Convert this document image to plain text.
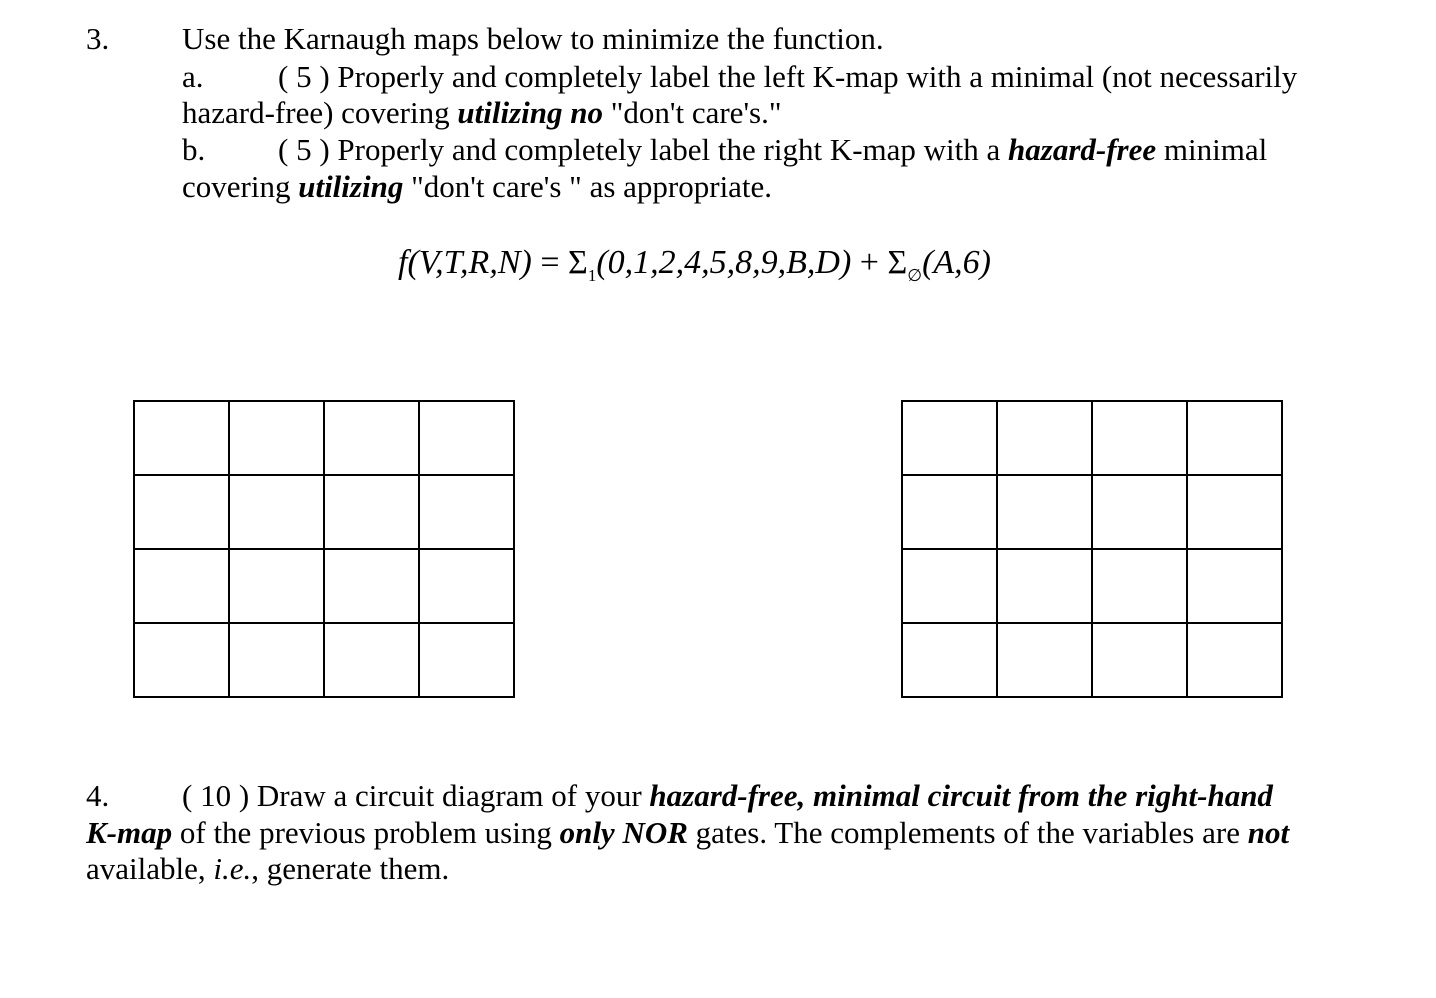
3. Use the Karnaugh maps below to minimize the function.
a. ( 5 ) Properly and completely label the left K-map with a minimal (not necessarily
hazard-free) covering utilizing no "don't care's."
b. ( 5 ) Properly and completely label the right K-map with a hazard-free minimal
covering utilizing "don't care's " as appropriate.
$f(V,T,R,N) = \Sigma_1(0,1,2,4,5,8,9,B,D) + \Sigma_\emptyset(A,6)$

4. ( 10 ) Draw a circuit diagram of your hazard-free, minimal circuit from the right-hand
K-map of the previous problem using only NOR gates. The complements of the variables are not
available, i.e., generate them.
